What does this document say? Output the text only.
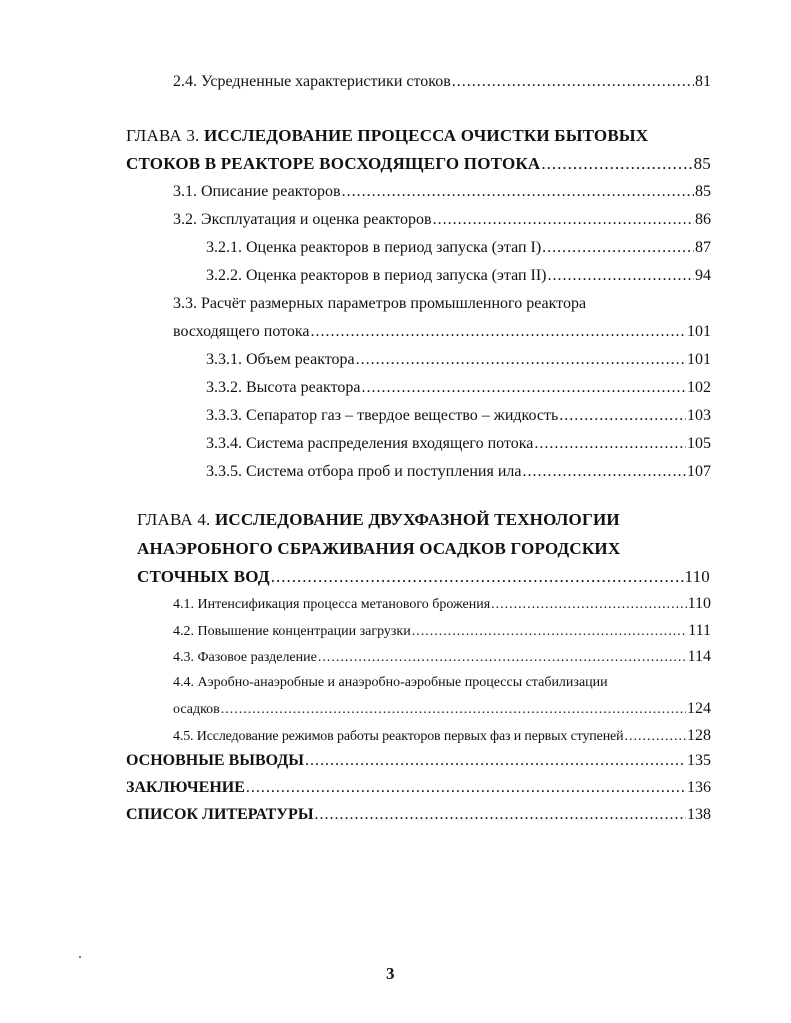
2.4. Усредненные характеристики стоков .....	81
ГЛАВА 3. ИССЛЕДОВАНИЕ ПРОЦЕССА ОЧИСТКИ БЫТОВЫХ
СТОКОВ В РЕАКТОРЕ ВОСХОДЯЩЕГО ПОТОКА .....	85
3.1. Описание реакторов .....	85
3.2. Эксплуатация и оценка реакторов .....	86
3.2.1. Оценка реакторов в период запуска (этап I) .....	87
3.2.2. Оценка реакторов в период запуска (этап II) .....	94
3.3. Расчёт размерных параметров промышленного реактора
восходящего потока .....	101
3.3.1. Объем реактора .....	101
3.3.2. Высота реактора .....	102
3.3.3. Сепаратор газ – твердое вещество – жидкость .....	103
3.3.4. Система распределения входящего потока .....	105
3.3.5. Система отбора проб и поступления ила .....	107
ГЛАВА 4. ИССЛЕДОВАНИЕ ДВУХФАЗНОЙ ТЕХНОЛОГИИ
АНАЭРОБНОГО СБРАЖИВАНИЯ ОСАДКОВ ГОРОДСКИХ
СТОЧНЫХ ВОД .....	110
4.1. Интенсификация процесса метанового брожения .....	110
4.2. Повышение концентрации загрузки .....	111
4.3. Фазовое разделение .....	114
4.4. Аэробно-анаэробные и анаэробно-аэробные процессы стабилизации
осадков .....	124
4.5. Исследование режимов работы реакторов первых фаз и первых ступеней .....	128
ОСНОВНЫЕ ВЫВОДЫ .....	135
ЗАКЛЮЧЕНИЕ .....	136
СПИСОК ЛИТЕРАТУРЫ .....	138
3
